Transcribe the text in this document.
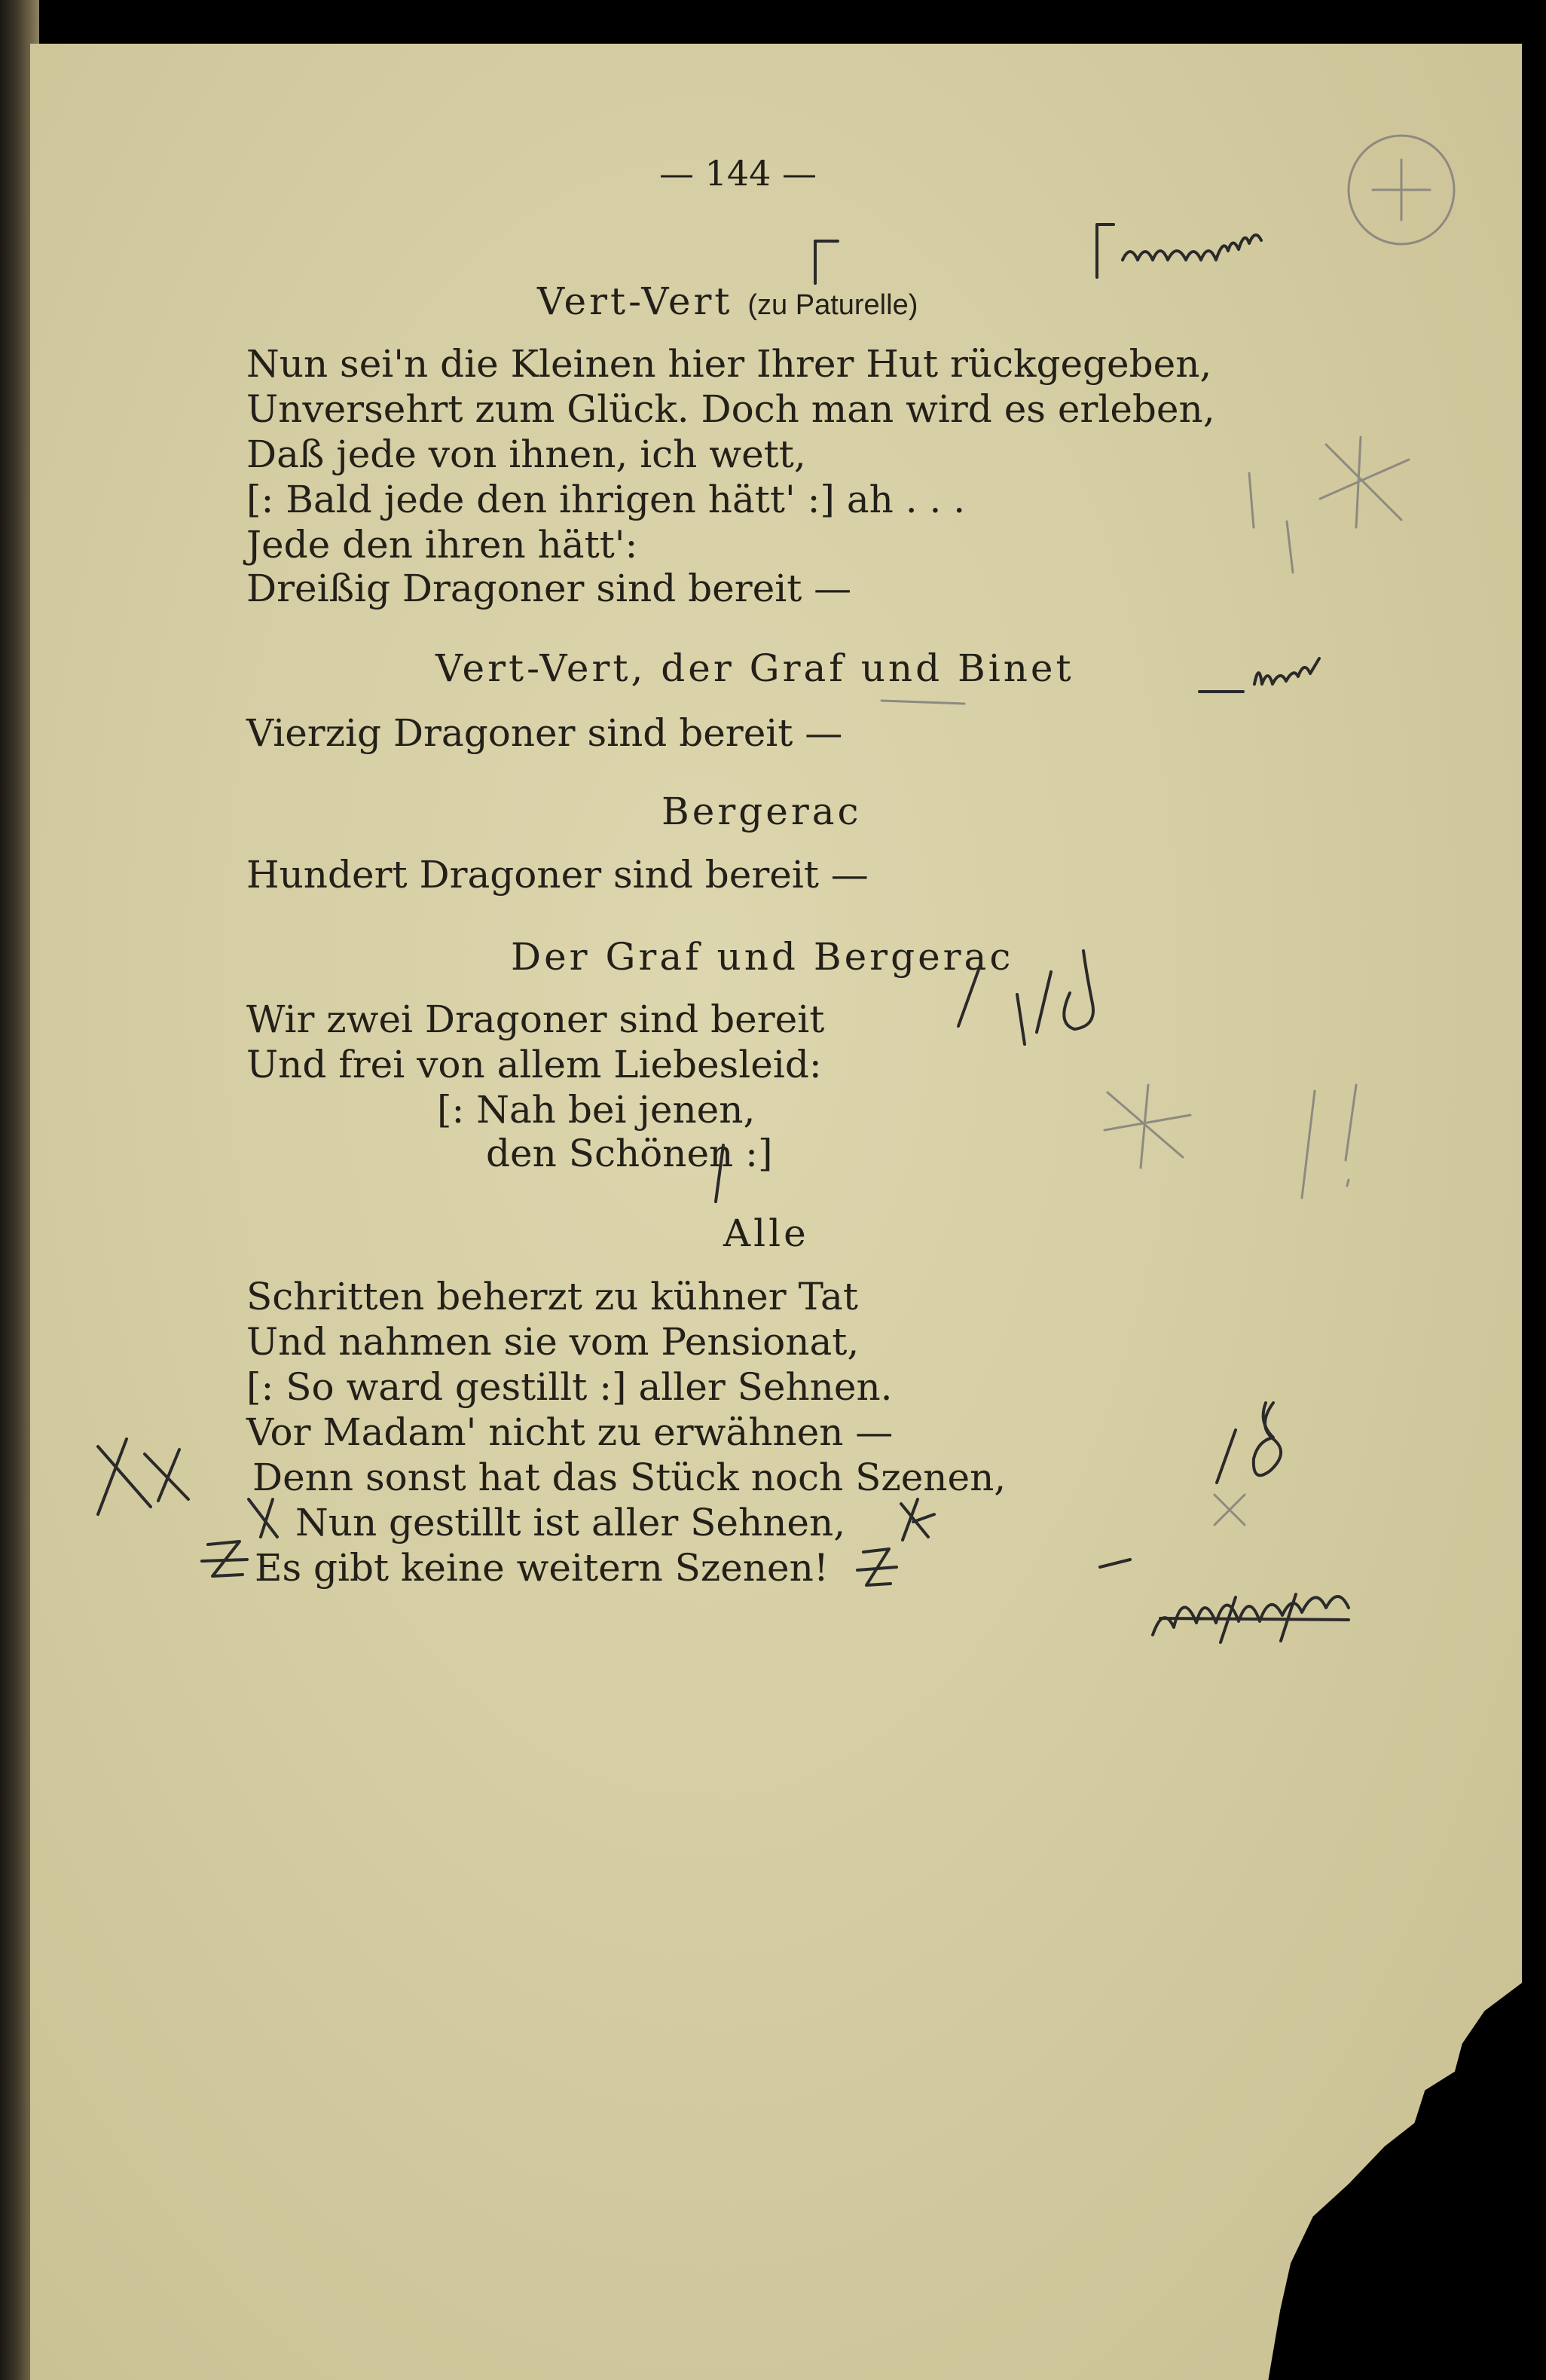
— 144 —
Vert-Vert (zu Paturelle)
Nun sei'n die Kleinen hier Ihrer Hut rückgegeben,
Unversehrt zum Glück. Doch man wird es erleben,
Daß jede von ihnen, ich wett,
[: Bald jede den ihrigen hätt' :] ah . . .
Jede den ihren hätt':
Dreißig Dragoner sind bereit —
Vert-Vert, der Graf und Binet
Vierzig Dragoner sind bereit —
Bergerac
Hundert Dragoner sind bereit —
Der Graf und Bergerac
Wir zwei Dragoner sind bereit
Und frei von allem Liebesleid:
[: Nah bei jenen,
den Schönen :]
Alle
Schritten beherzt zu kühner Tat
Und nahmen sie vom Pensionat,
[: So ward gestillt :] aller Sehnen.
Vor Madam' nicht zu erwähnen —
Denn sonst hat das Stück noch Szenen,
Nun gestillt ist aller Sehnen,
Es gibt keine weitern Szenen!
